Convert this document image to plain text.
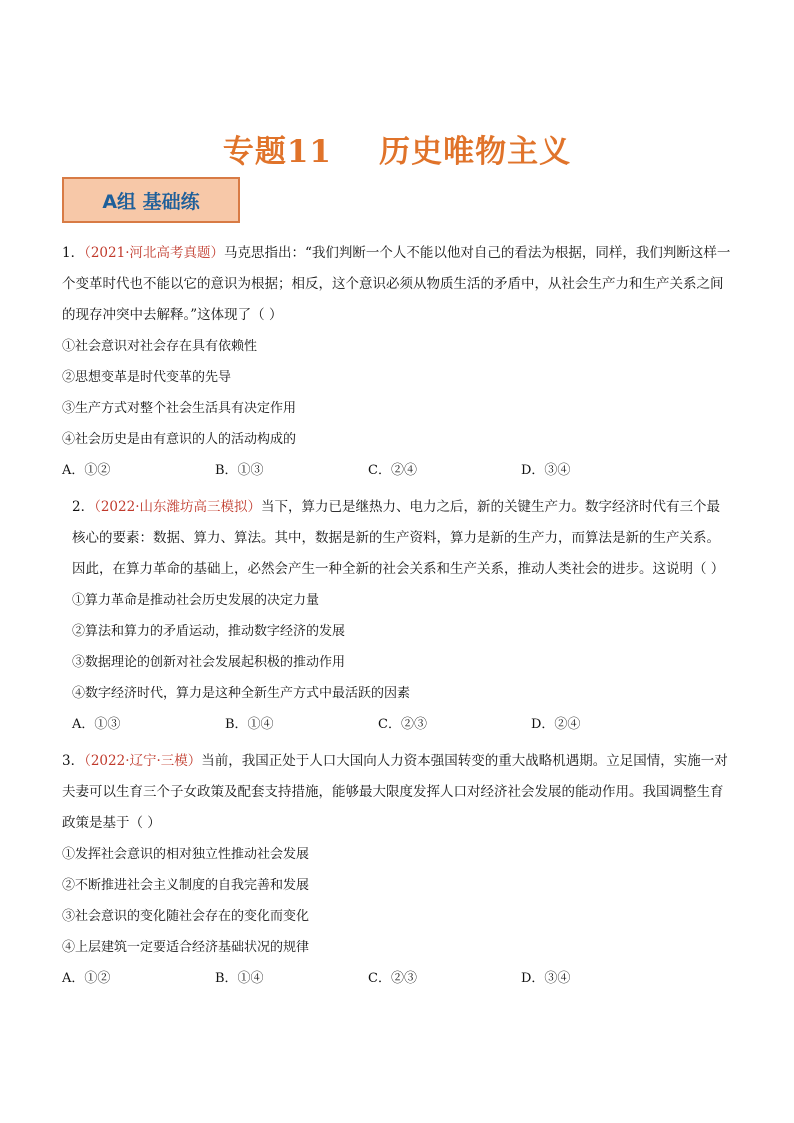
专题11    历史唯物主义
A组 基础练

1．（2021·河北高考真题）马克思指出：“我们判断一个人不能以他对自己的看法为根据，同样，我们判断这样一个变革时代也不能以它的意识为根据；相反，这个意识必须从物质生活的矛盾中，从社会生产力和生产关系之间的现存冲突中去解释。”这体现了（ ）

①社会意识对社会存在具有依赖性

②思想变革是时代变革的先导

③生产方式对整个社会生活具有决定作用

④社会历史是由有意识的人的活动构成的

A．①②	B．①③	C．②④	D．③④

2．（2022·山东潍坊高三模拟）当下，算力已是继热力、电力之后，新的关键生产力。数字经济时代有三个最核心的要素：数据、算力、算法。其中，数据是新的生产资料，算力是新的生产力，而算法是新的生产关系。因此，在算力革命的基础上，必然会产生一种全新的社会关系和生产关系，推动人类社会的进步。这说明（ ）

①算力革命是推动社会历史发展的决定力量

②算法和算力的矛盾运动，推动数字经济的发展

③数据理论的创新对社会发展起积极的推动作用

④数字经济时代，算力是这种全新生产方式中最活跃的因素

A．①③	B．①④	C．②③	D．②④

3．（2022·辽宁·三模）当前，我国正处于人口大国向人力资本强国转变的重大战略机遇期。立足国情，实施一对夫妻可以生育三个子女政策及配套支持措施，能够最大限度发挥人口对经济社会发展的能动作用。我国调整生育政策是基于（ ）

①发挥社会意识的相对独立性推动社会发展

②不断推进社会主义制度的自我完善和发展

③社会意识的变化随社会存在的变化而变化

④上层建筑一定要适合经济基础状况的规律

A．①②	B．①④	C．②③	D．③④
